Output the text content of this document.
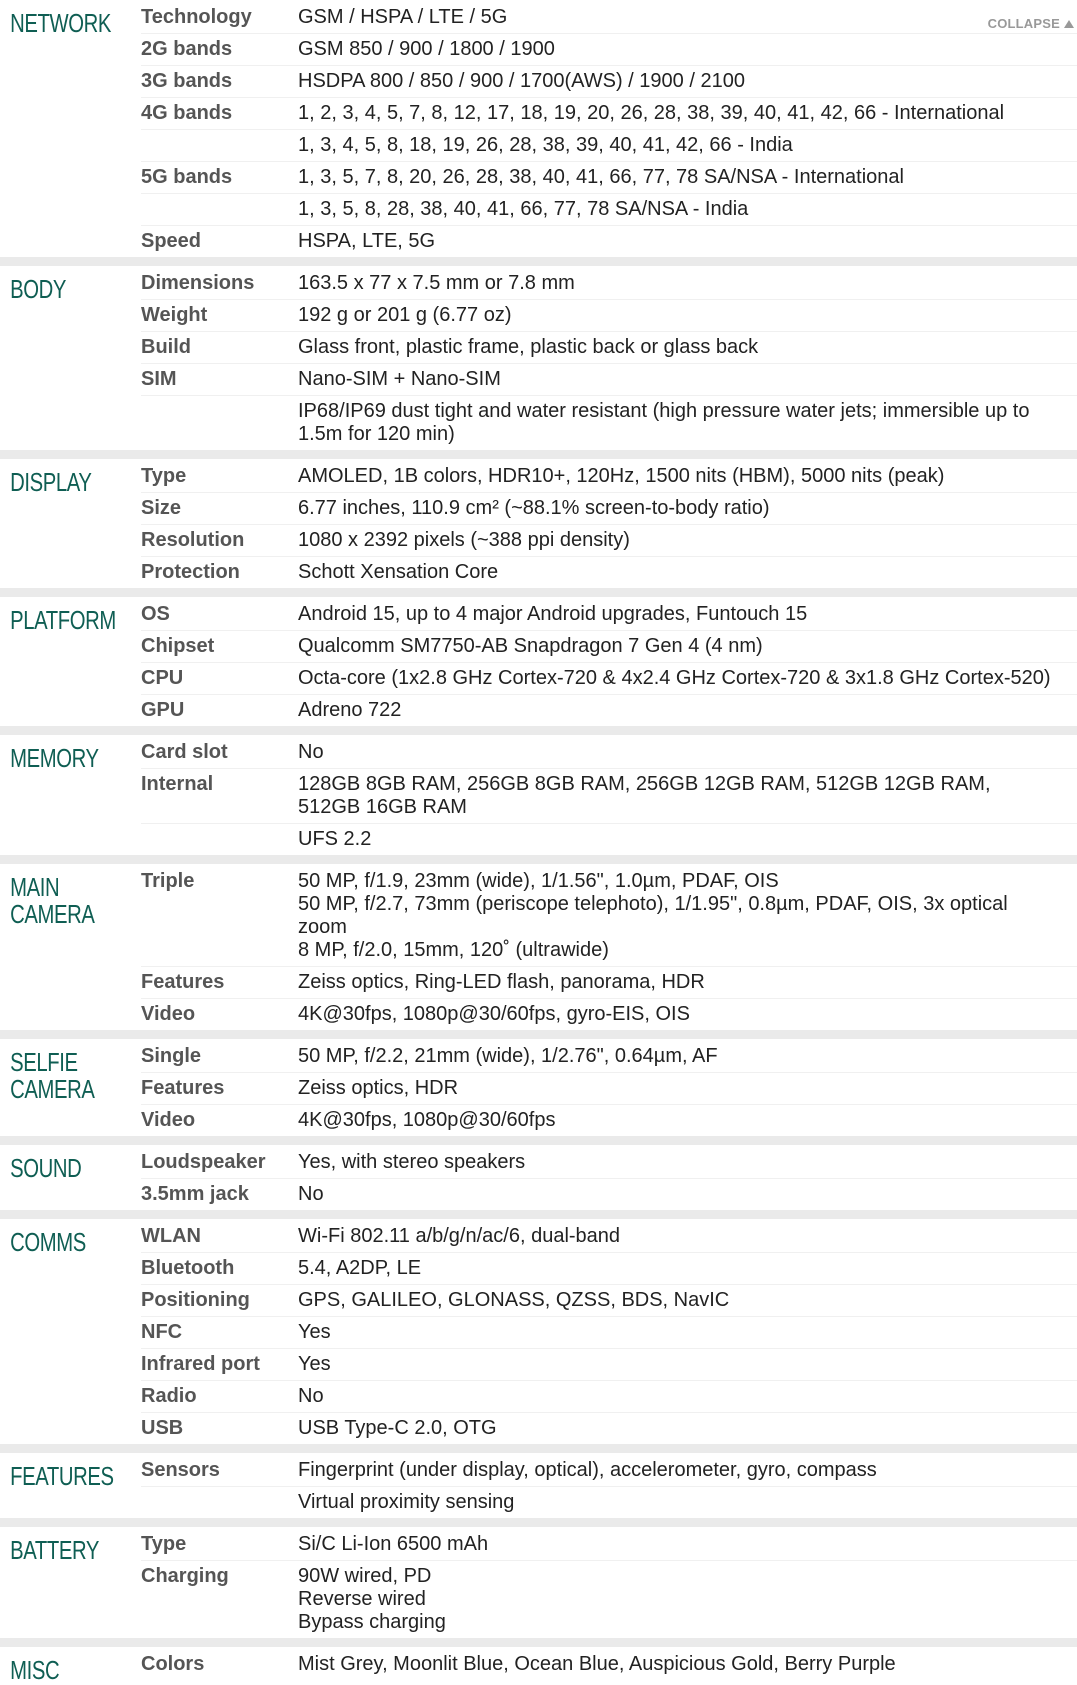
COLLAPSE
NETWORK	Technology	GSM / HSPA / LTE / 5G

	2G bands	GSM 850 / 900 / 1800 / 1900

	3G bands	HSDPA 800 / 850 / 900 / 1700(AWS) / 1900 / 2100

	4G bands	1, 2, 3, 4, 5, 7, 8, 12, 17, 18, 19, 20, 26, 28, 38, 39, 40, 41, 42, 66 - International

		1, 3, 4, 5, 8, 18, 19, 26, 28, 38, 39, 40, 41, 42, 66 - India

	5G bands	1, 3, 5, 7, 8, 20, 26, 28, 38, 40, 41, 66, 77, 78 SA/NSA - International

		1, 3, 5, 8, 28, 38, 40, 41, 66, 77, 78 SA/NSA - India

	Speed	HSPA, LTE, 5G

BODY	Dimensions	163.5 x 77 x 7.5 mm or 7.8 mm

	Weight	192 g or 201 g (6.77 oz)

	Build	Glass front, plastic frame, plastic back or glass back

	SIM	Nano-SIM + Nano-SIM

		IP68/IP69 dust tight and water resistant (high pressure water jets; immersible up to 1.5m for 120 min)

DISPLAY	Type	AMOLED, 1B colors, HDR10+, 120Hz, 1500 nits (HBM), 5000 nits (peak)

	Size	6.77 inches, 110.9 cm² (~88.1% screen-to-body ratio)

	Resolution	1080 x 2392 pixels (~388 ppi density)

	Protection	Schott Xensation Core

PLATFORM	OS	Android 15, up to 4 major Android upgrades, Funtouch 15

	Chipset	Qualcomm SM7750-AB Snapdragon 7 Gen 4 (4 nm)

	CPU	Octa-core (1x2.8 GHz Cortex-720 & 4x2.4 GHz Cortex-720 & 3x1.8 GHz Cortex-520)

	GPU	Adreno 722

MEMORY	Card slot	No

	Internal	128GB 8GB RAM, 256GB 8GB RAM, 256GB 12GB RAM, 512GB 12GB RAM, 512GB 16GB RAM

		UFS 2.2

MAIN CAMERA	Triple	50 MP, f/1.9, 23mm (wide), 1/1.56", 1.0µm, PDAF, OIS
50 MP, f/2.7, 73mm (periscope telephoto), 1/1.95", 0.8µm, PDAF, OIS, 3x optical zoom
8 MP, f/2.0, 15mm, 120˚ (ultrawide)

	Features	Zeiss optics, Ring-LED flash, panorama, HDR

	Video	4K@30fps, 1080p@30/60fps, gyro-EIS, OIS

SELFIE CAMERA	Single	50 MP, f/2.2, 21mm (wide), 1/2.76", 0.64µm, AF

	Features	Zeiss optics, HDR

	Video	4K@30fps, 1080p@30/60fps

SOUND	Loudspeaker	Yes, with stereo speakers

	3.5mm jack	No

COMMS	WLAN	Wi-Fi 802.11 a/b/g/n/ac/6, dual-band

	Bluetooth	5.4, A2DP, LE

	Positioning	GPS, GALILEO, GLONASS, QZSS, BDS, NavIC

	NFC	Yes

	Infrared port	Yes

	Radio	No

	USB	USB Type-C 2.0, OTG

FEATURES	Sensors	Fingerprint (under display, optical), accelerometer, gyro, compass

		Virtual proximity sensing

BATTERY	Type	Si/C Li-Ion 6500 mAh

	Charging	90W wired, PD
Reverse wired
Bypass charging

MISC	Colors	Mist Grey, Moonlit Blue, Ocean Blue, Auspicious Gold, Berry Purple
